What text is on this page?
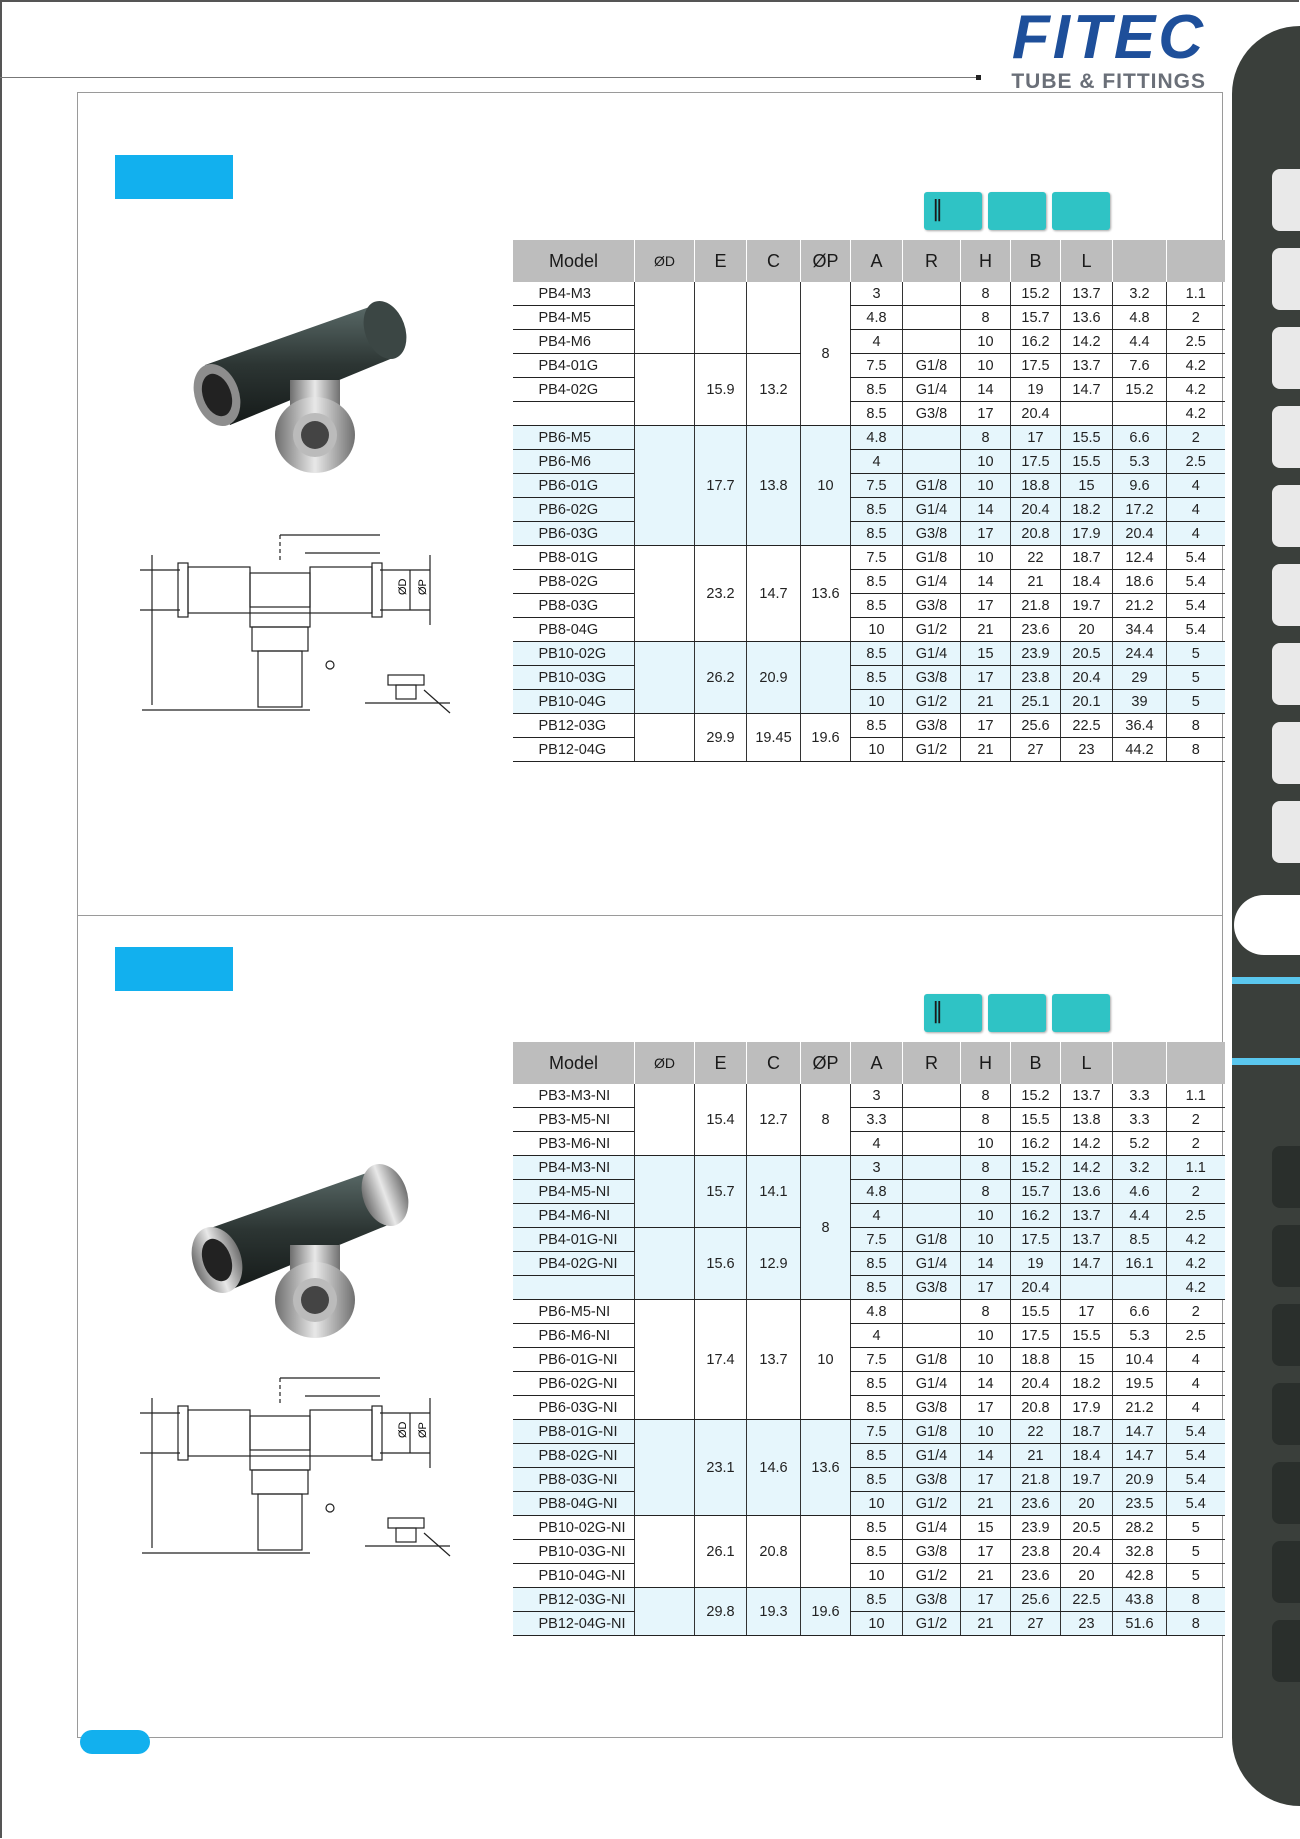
FITEC
TUBE & FITTINGS
‖
‖
ØD ØP
ØD ØP
Model	ØD	E	C	ØP	A	R	H	B	L		
PB4-M3				8	3		8	15.2	13.7	3.2	1.1
PB4-M5					4.8		8	15.7	13.6	4.8	2
PB4-M6					4		10	16.2	14.2	4.4	2.5
PB4-01G		15.9	13.2		7.5	G1/8	10	17.5	13.7	7.6	4.2
PB4-02G					8.5	G1/4	14	19	14.7	15.2	4.2
					8.5	G3/8	17	20.4			4.2
PB6-M5		17.7	13.8	10	4.8		8	17	15.5	6.6	2
PB6-M6					4		10	17.5	15.5	5.3	2.5
PB6-01G					7.5	G1/8	10	18.8	15	9.6	4
PB6-02G					8.5	G1/4	14	20.4	18.2	17.2	4
PB6-03G					8.5	G3/8	17	20.8	17.9	20.4	4
PB8-01G		23.2	14.7	13.6	7.5	G1/8	10	22	18.7	12.4	5.4
PB8-02G					8.5	G1/4	14	21	18.4	18.6	5.4
PB8-03G					8.5	G3/8	17	21.8	19.7	21.2	5.4
PB8-04G					10	G1/2	21	23.6	20	34.4	5.4
PB10-02G		26.2	20.9		8.5	G1/4	15	23.9	20.5	24.4	5
PB10-03G					8.5	G3/8	17	23.8	20.4	29	5
PB10-04G					10	G1/2	21	25.1	20.1	39	5
PB12-03G		29.9	19.45	19.6	8.5	G3/8	17	25.6	22.5	36.4	8
PB12-04G					10	G1/2	21	27	23	44.2	8
Model	ØD	E	C	ØP	A	R	H	B	L		
PB3-M3-NI		15.4	12.7	8	3		8	15.2	13.7	3.3	1.1
PB3-M5-NI					3.3		8	15.5	13.8	3.3	2
PB3-M6-NI					4		10	16.2	14.2	5.2	2
PB4-M3-NI		15.7	14.1	8	3		8	15.2	14.2	3.2	1.1
PB4-M5-NI					4.8		8	15.7	13.6	4.6	2
PB4-M6-NI					4		10	16.2	13.7	4.4	2.5
PB4-01G-NI		15.6	12.9		7.5	G1/8	10	17.5	13.7	8.5	4.2
PB4-02G-NI					8.5	G1/4	14	19	14.7	16.1	4.2
					8.5	G3/8	17	20.4			4.2
PB6-M5-NI		17.4	13.7	10	4.8		8	15.5	17	6.6	2
PB6-M6-NI					4		10	17.5	15.5	5.3	2.5
PB6-01G-NI					7.5	G1/8	10	18.8	15	10.4	4
PB6-02G-NI					8.5	G1/4	14	20.4	18.2	19.5	4
PB6-03G-NI					8.5	G3/8	17	20.8	17.9	21.2	4
PB8-01G-NI		23.1	14.6	13.6	7.5	G1/8	10	22	18.7	14.7	5.4
PB8-02G-NI					8.5	G1/4	14	21	18.4	14.7	5.4
PB8-03G-NI					8.5	G3/8	17	21.8	19.7	20.9	5.4
PB8-04G-NI					10	G1/2	21	23.6	20	23.5	5.4
PB10-02G-NI		26.1	20.8		8.5	G1/4	15	23.9	20.5	28.2	5
PB10-03G-NI					8.5	G3/8	17	23.8	20.4	32.8	5
PB10-04G-NI					10	G1/2	21	23.6	20	42.8	5
PB12-03G-NI		29.8	19.3	19.6	8.5	G3/8	17	25.6	22.5	43.8	8
PB12-04G-NI					10	G1/2	21	27	23	51.6	8
